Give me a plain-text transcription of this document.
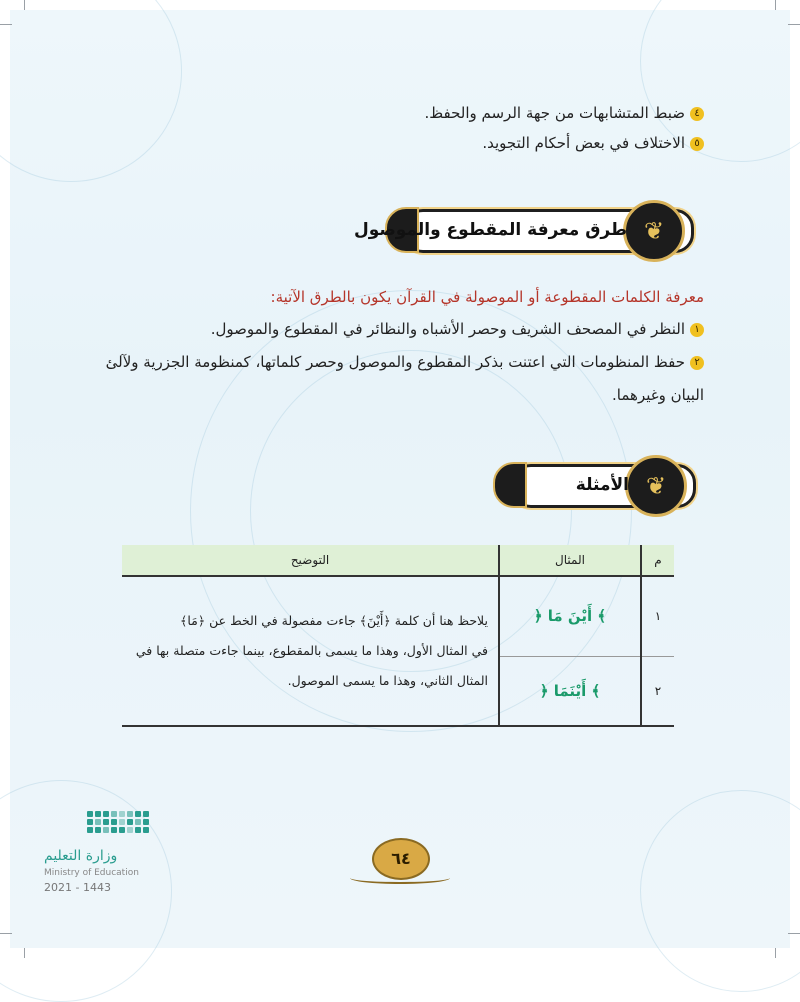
٤ضبط المتشابهات من جهة الرسم والحفظ.
٥الاختلاف في بعض أحكام التجويد.
❦
طرق معرفة المقطوع والموصول
معرفة الكلمات المقطوعة أو الموصولة في القرآن يكون بالطرق الآتية:
١النظر في المصحف الشريف وحصر الأشباه والنظائر في المقطوع والموصول.
٢حفظ المنظومات التي اعتنت بذكر المقطوع والموصول وحصر كلماتها، كمنظومة الجزرية ولآلئ
البيان وغيرهما.
❦
الأمثلة
التوضيح	المثال	م

يلاحظ هنا أن كلمة ﴿أَيْنَ﴾ جاءت مفصولة في الخط عن ﴿مَا﴾
في المثال الأول، وهذا ما يسمى بالمقطوع، بينما جاءت متصلة بها في
المثال الثاني، وهذا ما يسمى الموصول.	﴿ أَيْنَ مَا ﴾	١
	﴿ أَيْنَمَا ﴾	٢

وزارة التعليم
Ministry of Education
2021 - 1443
٦٤
